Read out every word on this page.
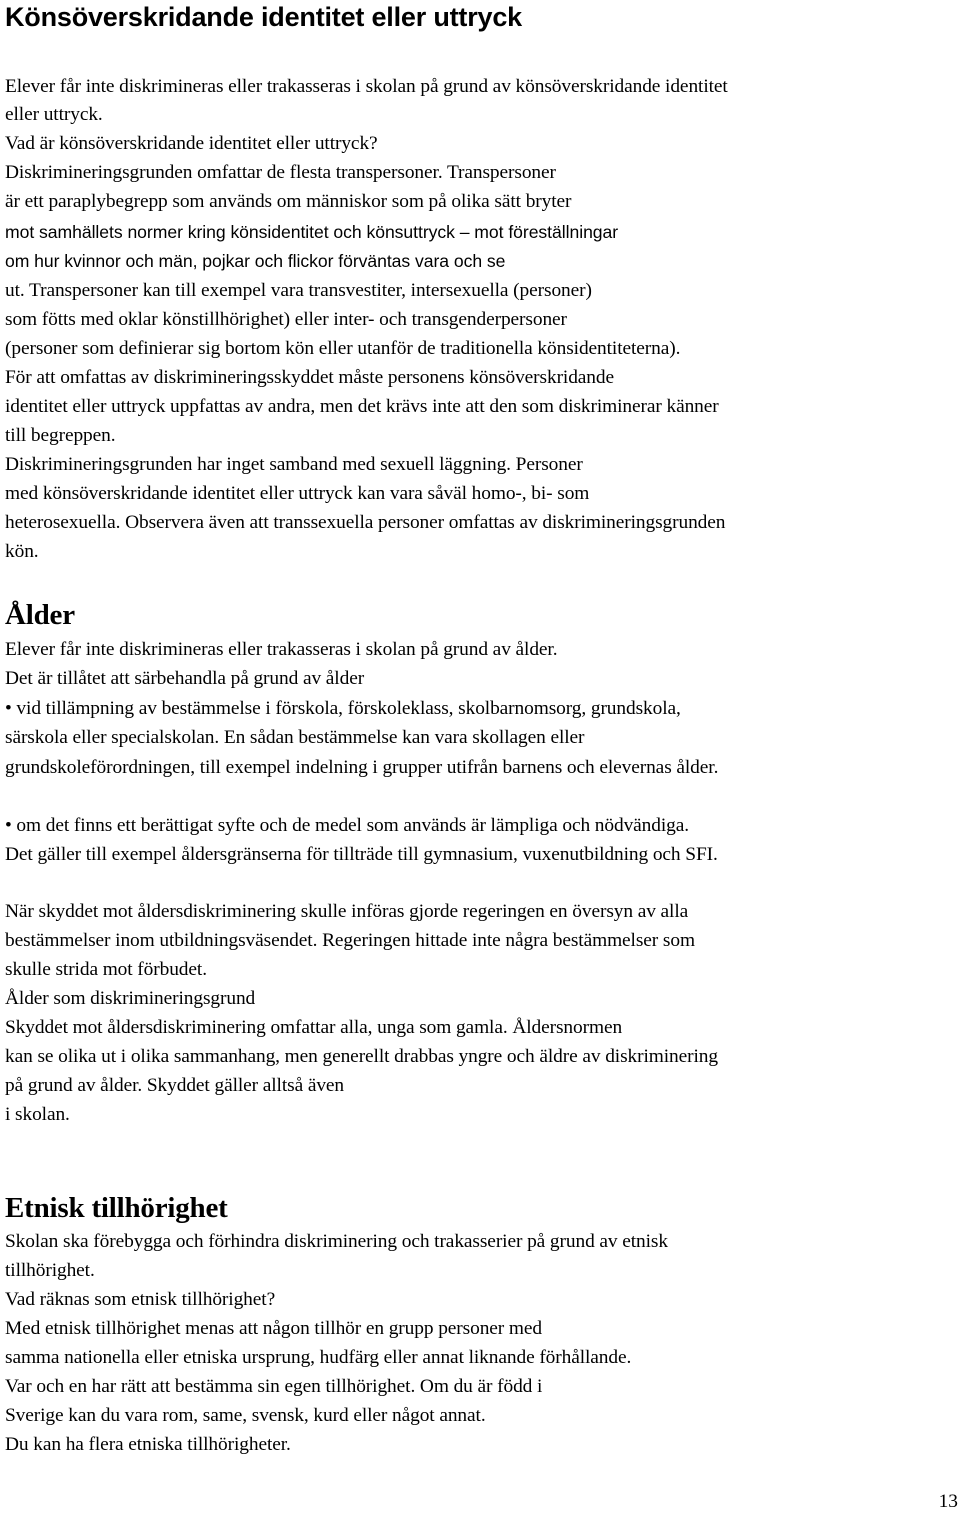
Könsöverskridande identitet eller uttryck
Elever får inte diskrimineras eller trakasseras i skolan på grund av könsöverskridande identitet
eller uttryck.
Vad är könsöverskridande identitet eller uttryck?
Diskrimineringsgrunden omfattar de flesta transpersoner. Transpersoner
är ett paraplybegrepp som används om människor som på olika sätt bryter
mot samhällets normer kring könsidentitet och könsuttryck – mot föreställningar
om hur kvinnor och män, pojkar och flickor förväntas vara och se
ut. Transpersoner kan till exempel vara transvestiter, intersexuella (personer)
som fötts med oklar könstillhörighet) eller inter- och transgenderpersoner
(personer som definierar sig bortom kön eller utanför de traditionella könsidentiteterna).
För att omfattas av diskrimineringsskyddet måste personens könsöverskridande
identitet eller uttryck uppfattas av andra, men det krävs inte att den som diskriminerar känner
till begreppen.
Diskrimineringsgrunden har inget samband med sexuell läggning. Personer
med könsöverskridande identitet eller uttryck kan vara såväl homo-, bi- som
heterosexuella. Observera även att transsexuella personer omfattas av diskrimineringsgrunden
kön.
Ålder
Elever får inte diskrimineras eller trakasseras i skolan på grund av ålder.
Det är tillåtet att särbehandla på grund av ålder
• vid tillämpning av bestämmelse i förskola, förskoleklass, skolbarnomsorg, grundskola,
särskola eller specialskolan. En sådan bestämmelse kan vara skollagen eller
grundskoleförordningen, till exempel indelning i grupper utifrån barnens och elevernas ålder.
• om det finns ett berättigat syfte och de medel som används är lämpliga och nödvändiga.
Det gäller till exempel åldersgränserna för tillträde till gymnasium, vuxenutbildning och SFI.
När skyddet mot åldersdiskriminering skulle införas gjorde regeringen en översyn av alla
bestämmelser inom utbildningsväsendet. Regeringen hittade inte några bestämmelser som
skulle strida mot förbudet.
Ålder som diskrimineringsgrund
Skyddet mot åldersdiskriminering omfattar alla, unga som gamla. Åldersnormen
kan se olika ut i olika sammanhang, men generellt drabbas yngre och äldre av diskriminering
på grund av ålder. Skyddet gäller alltså även
i skolan.
Etnisk tillhörighet
Skolan ska förebygga och förhindra diskriminering och trakasserier på grund av etnisk
tillhörighet.
Vad räknas som etnisk tillhörighet?
Med etnisk tillhörighet menas att någon tillhör en grupp personer med
samma nationella eller etniska ursprung, hudfärg eller annat liknande förhållande.
Var och en har rätt att bestämma sin egen tillhörighet. Om du är född i
Sverige kan du vara rom, same, svensk, kurd eller något annat.
Du kan ha flera etniska tillhörigheter.
13
